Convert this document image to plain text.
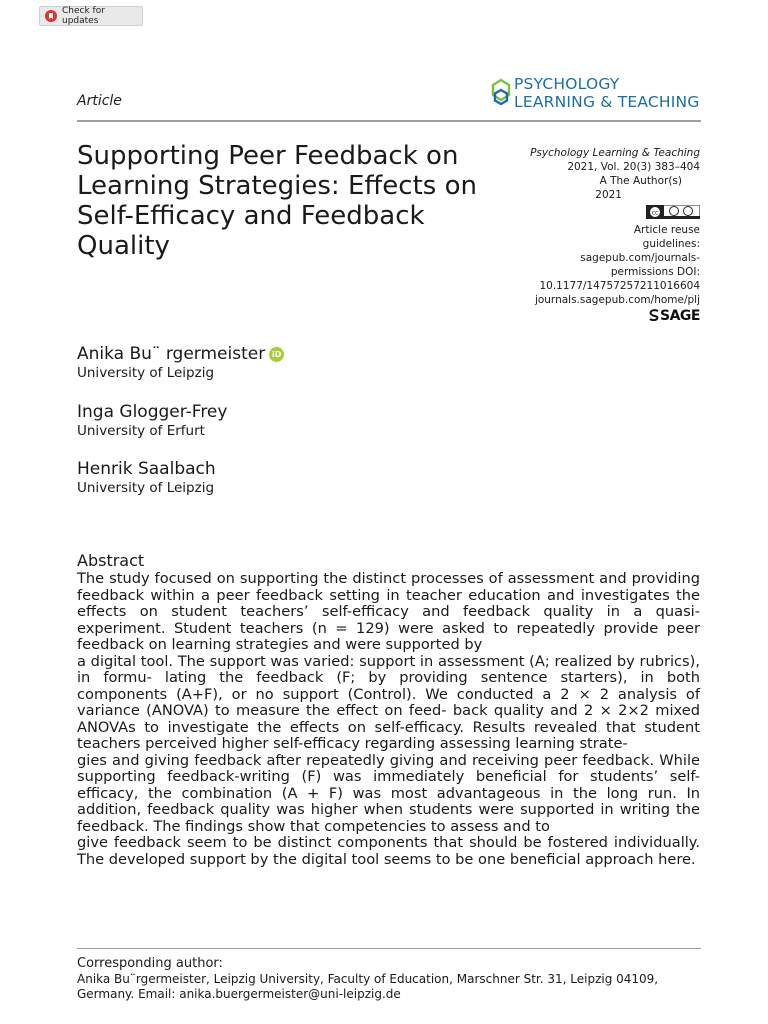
Check for updates
Article
PSYCHOLOGY
LEARNING & TEACHING
Supporting Peer Feedback on Learning Strategies: Effects on Self-Efficacy and Feedback Quality
Psychology Learning & Teaching
2021, Vol. 20(3) 383–404
A The Author(s)
2021
cc
Article reuse
guidelines:
sagepub.com/journals-
permissions DOI:
10.1177/14757257211016604
journals.sagepub.com/home/plj
SAGE
Anika Bu¨ rgermeister iD
University of Leipzig
Inga Glogger-Frey
University of Erfurt
Henrik Saalbach
University of Leipzig
Abstract

The study focused on supporting the distinct processes of assessment and providing feedback within a peer feedback setting in teacher education and investigates the effects on student teachers’ self-efficacy and feedback quality in a quasi-experiment. Student teachers (n = 129) were asked to repeatedly provide peer feedback on learning strategies and were supported by

a digital tool. The support was varied: support in assessment (A; realized by rubrics), in formu- lating the feedback (F; by providing sentence starters), in both components (A+F), or no support (Control). We conducted a 2 × 2 analysis of variance (ANOVA) to measure the effect on feed- back quality and 2 × 2×2 mixed ANOVAs to investigate the effects on self-efficacy. Results revealed that student teachers perceived higher self-efficacy regarding assessing learning strate-

gies and giving feedback after repeatedly giving and receiving peer feedback. While supporting feedback-writing (F) was immediately beneficial for students’ self- efficacy, the combination (A + F) was most advantageous in the long run. In addition, feedback quality was higher when students were supported in writing the feedback. The findings show that competencies to assess and to

give feedback seem to be distinct components that should be fostered individually. The developed support by the digital tool seems to be one beneficial approach here.

Corresponding author:
Anika Bu¨rgermeister, Leipzig University, Faculty of Education, Marschner Str. 31, Leipzig 04109,
Germany. Email: anika.buergermeister@uni-leipzig.de
